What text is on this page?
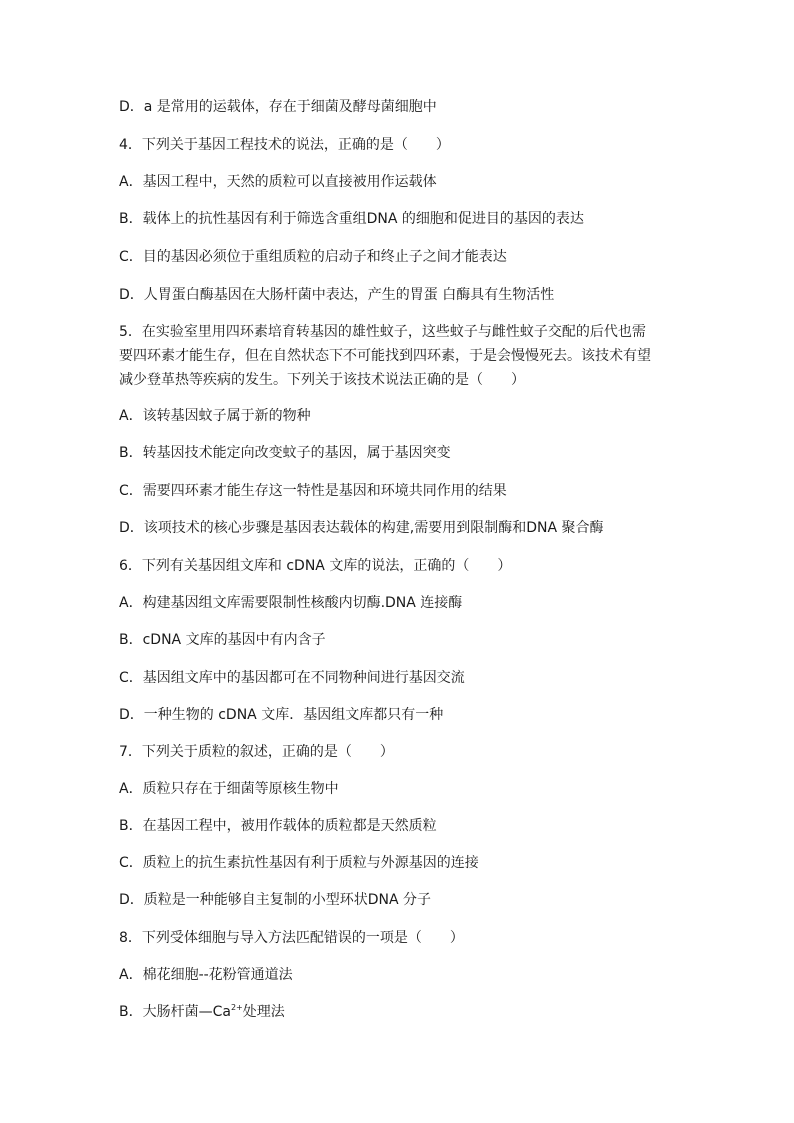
D．a 是常用的运载体，存在于细菌及酵母菌细胞中
4．下列关于基因工程技术的说法，正确的是（　　）
A．基因工程中，天然的质粒可以直接被用作运载体
B．载体上的抗性基因有利于筛选含重组DNA 的细胞和促进目的基因的表达
C．目的基因必须位于重组质粒的启动子和终止子之间才能表达
D．人胃蛋白酶基因在大肠杆菌中表达，产生的胃蛋 白酶具有生物活性
5．在实验室里用四环素培育转基因的雄性蚊子，这些蚊子与雌性蚊子交配的后代也需
要四环素才能生存，但在自然状态下不可能找到四环素，于是会慢慢死去。该技术有望
减少登革热等疾病的发生。下列关于该技术说法正确的是（　　）
A．该转基因蚊子属于新的物种
B．转基因技术能定向改变蚊子的基因，属于基因突变
C．需要四环素才能生存这一特性是基因和环境共同作用的结果
D．该项技术的核心步骤是基因表达载体的构建,需要用到限制酶和DNA 聚合酶
6．下列有关基因组文库和 cDNA 文库的说法，正确的（　　）
A．构建基因组文库需要限制性核酸内切酶.DNA 连接酶
B．cDNA 文库的基因中有内含子
C．基因组文库中的基因都可在不同物种间进行基因交流
D．一种生物的 cDNA 文库．基因组文库都只有一种
7．下列关于质粒的叙述，正确的是（　　）
A．质粒只存在于细菌等原核生物中
B．在基因工程中，被用作载体的质粒都是天然质粒
C．质粒上的抗生素抗性基因有利于质粒与外源基因的连接
D．质粒是一种能够自主复制的小型环状DNA 分子
8．下列受体细胞与导入方法匹配错误的一项是（　　）
A．棉花细胞--花粉管通道法
B．大肠杆菌$—Ca^{2+}$处理法
